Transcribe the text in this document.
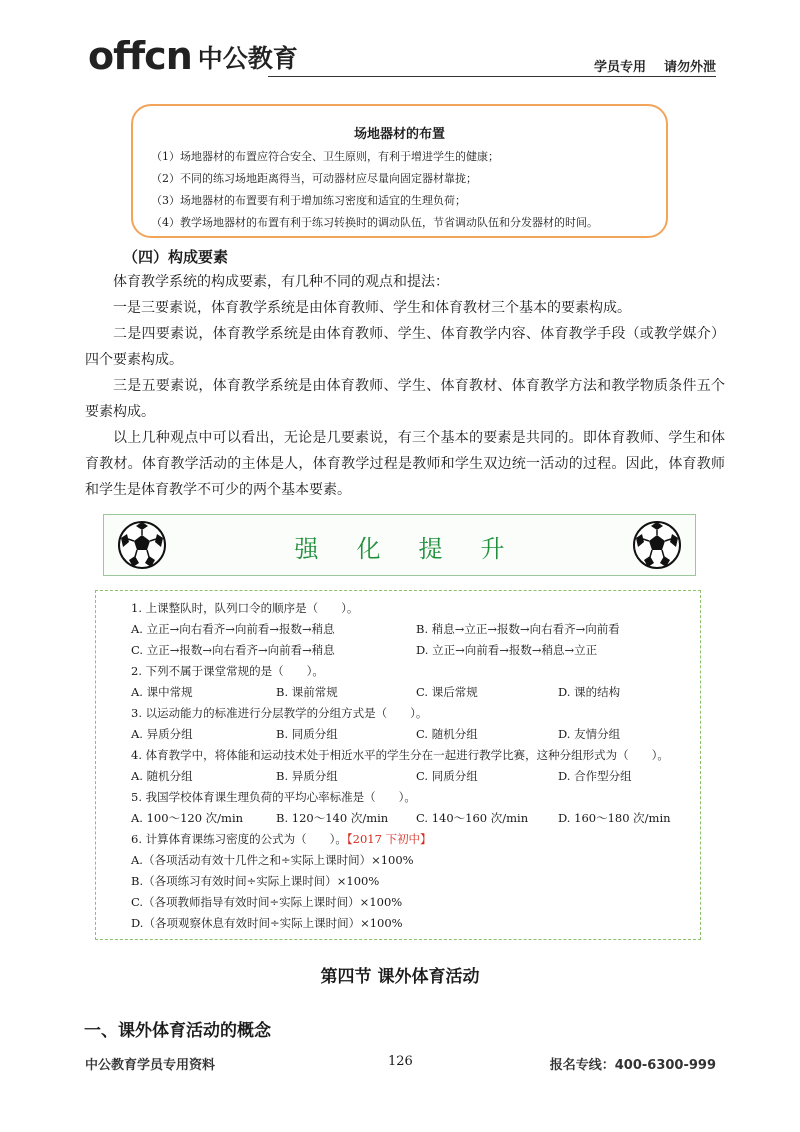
offcn 中公教育	学员专用 请勿外泄
场地器材的布置
（1）场地器材的布置应符合安全、卫生原则，有利于增进学生的健康；
（2）不同的练习场地距离得当，可动器材应尽量向固定器材靠拢；
（3）场地器材的布置要有利于增加练习密度和适宜的生理负荷；
（4）教学场地器材的布置有利于练习转换时的调动队伍，节省调动队伍和分发器材的时间。
（四）构成要素

体育教学系统的构成要素，有几种不同的观点和提法：

一是三要素说，体育教学系统是由体育教师、学生和体育教材三个基本的要素构成。

二是四要素说，体育教学系统是由体育教师、学生、体育教学内容、体育教学手段（或教学媒介）四个要素构成。

三是五要素说，体育教学系统是由体育教师、学生、体育教材、体育教学方法和教学物质条件五个要素构成。

以上几种观点中可以看出，无论是几要素说，有三个基本的要素是共同的。即体育教师、学生和体育教材。体育教学活动的主体是人，体育教学过程是教师和学生双边统一活动的过程。因此，体育教师和学生是体育教学不可少的两个基本要素。

强化提升
1. 上课整队时，队列口令的顺序是（　　）。
A. 立正→向右看齐→向前看→报数→稍息	B. 稍息→立正→报数→向右看齐→向前看
C. 立正→报数→向右看齐→向前看→稍息	D. 立正→向前看→报数→稍息→立正
2. 下列不属于课堂常规的是（　　）。
A. 课中常规	B. 课前常规	C. 课后常规	D. 课的结构
3. 以运动能力的标准进行分层教学的分组方式是（　　）。
A. 异质分组	B. 同质分组	C. 随机分组	D. 友情分组
4. 体育教学中，将体能和运动技术处于相近水平的学生分在一起进行教学比赛，这种分组形式为（　　）。
A. 随机分组	B. 异质分组	C. 同质分组	D. 合作型分组
5. 我国学校体育课生理负荷的平均心率标准是（　　）。
A. 100～120 次/min	B. 120～140 次/min C. 140～160 次/min	D. 160～180 次/min
6. 计算体育课练习密度的公式为（　　）。【2017 下初中】
A.（各项活动有效十几件之和÷实际上课时间）×100%
B.（各项练习有效时间÷实际上课时间）×100%
C.（各项教师指导有效时间÷实际上课时间）×100%
D.（各项观察休息有效时间÷实际上课时间）×100%
第四节 课外体育活动
一、课外体育活动的概念
中公教育学员专用资料	126	报名专线：400-6300-999
